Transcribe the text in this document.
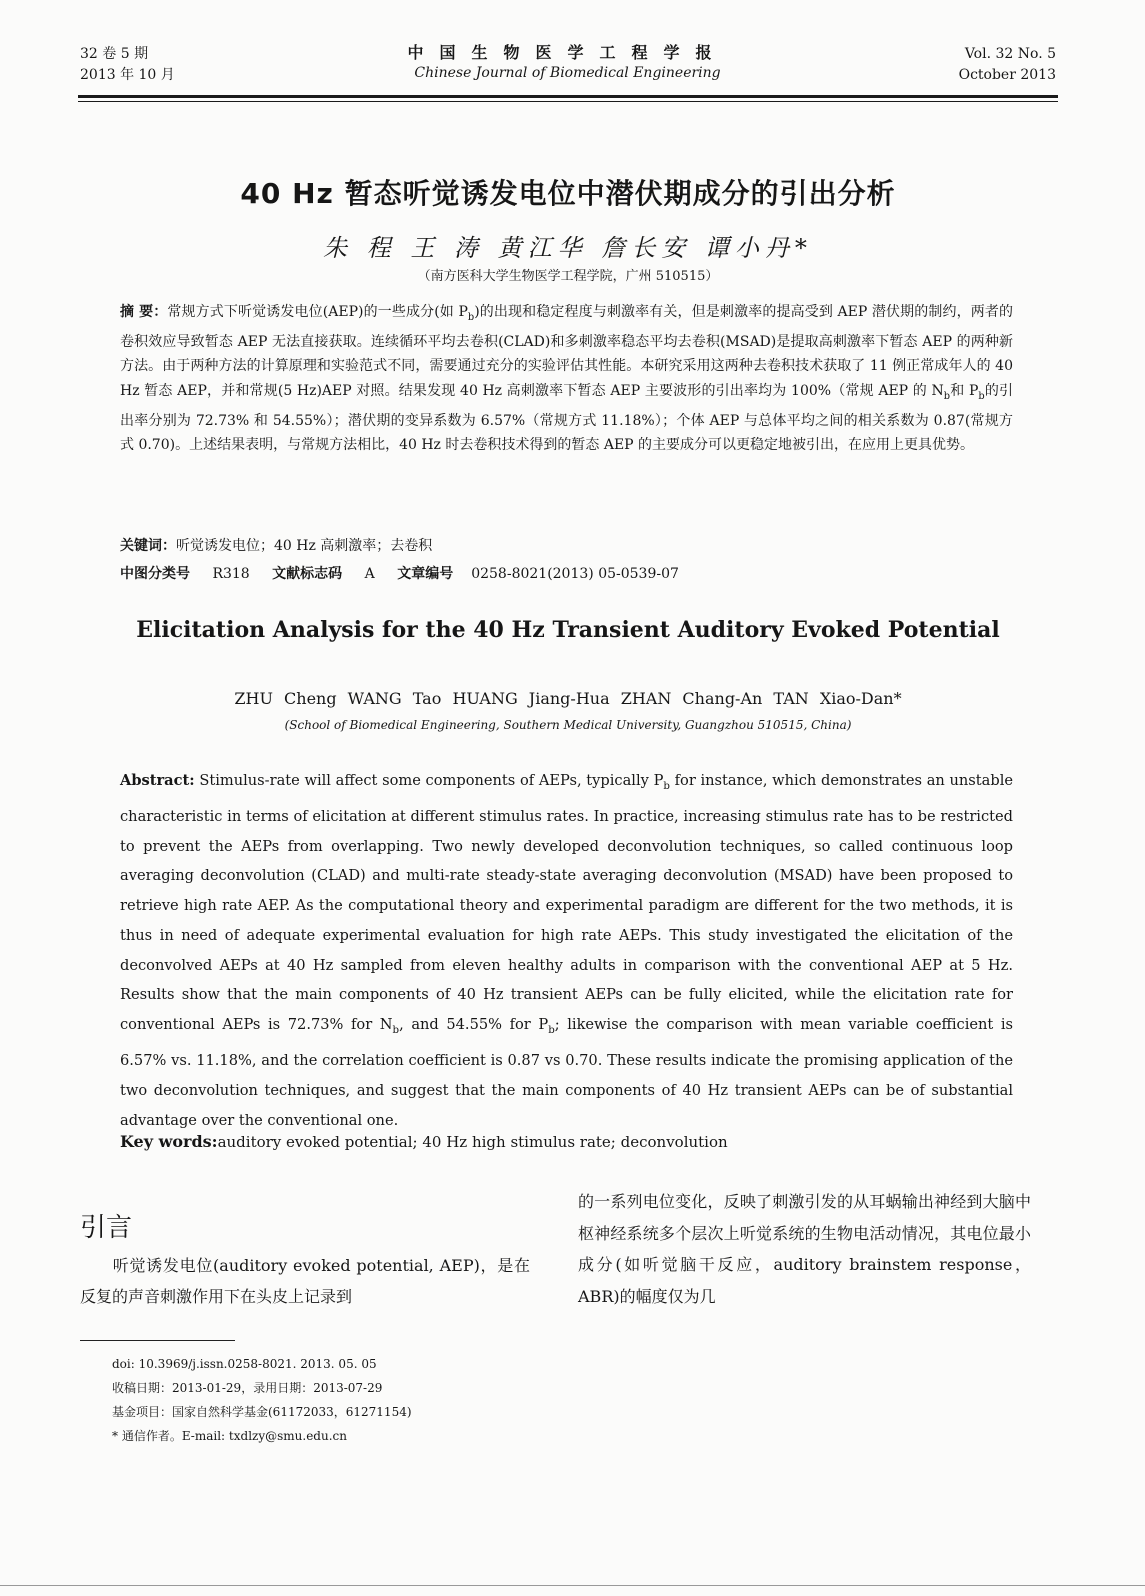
32 卷 5 期
2013 年 10 月
中国生物医学工程学报
Chinese Journal of Biomedical Engineering
Vol. 32 No. 5
October 2013
40 Hz 暂态听觉诱发电位中潜伏期成分的引出分析
朱 程 王 涛 黄江华 詹长安 谭小丹*
（南方医科大学生物医学工程学院，广州 510515）
摘 要：常规方式下听觉诱发电位(AEP)的一些成分(如 $P_b$)的出现和稳定程度与刺激率有关，但是刺激率的提高受到 AEP 潜伏期的制约，两者的卷积效应导致暂态 AEP 无法直接获取。连续循环平均去卷积(CLAD)和多刺激率稳态平均去卷积(MSAD)是提取高刺激率下暂态 AEP 的两种新方法。由于两种方法的计算原理和实验范式不同，需要通过充分的实验评估其性能。本研究采用这两种去卷积技术获取了 11 例正常成年人的 40 Hz 暂态 AEP，并和常规(5 Hz)AEP 对照。结果发现 40 Hz 高刺激率下暂态 AEP 主要波形的引出率均为 100%（常规 AEP 的 $N_b$和 $P_b$的引出率分别为 72.73% 和 54.55%）；潜伏期的变异系数为 6.57%（常规方式 11.18%）；个体 AEP 与总体平均之间的相关系数为 0.87(常规方式 0.70)。上述结果表明，与常规方法相比，40 Hz 时去卷积技术得到的暂态 AEP 的主要成分可以更稳定地被引出，在应用上更具优势。
关键词：听觉诱发电位；40 Hz 高刺激率；去卷积
中图分类号 R318 文献标志码 A 文章编号 0258-8021(2013) 05-0539-07
Elicitation Analysis for the 40 Hz Transient Auditory Evoked Potential
ZHU Cheng WANG Tao HUANG Jiang-Hua ZHAN Chang-An TAN Xiao-Dan*
(School of Biomedical Engineering, Southern Medical University, Guangzhou 510515, China)
Abstract: Stimulus-rate will affect some components of AEPs, typically $P_b$ for instance, which demonstrates an unstable characteristic in terms of elicitation at different stimulus rates. In practice, increasing stimulus rate has to be restricted to prevent the AEPs from overlapping. Two newly developed deconvolution techniques, so called continuous loop averaging deconvolution (CLAD) and multi-rate steady-state averaging deconvolution (MSAD) have been proposed to retrieve high rate AEP. As the computational theory and experimental paradigm are different for the two methods, it is thus in need of adequate experimental evaluation for high rate AEPs. This study investigated the elicitation of the deconvolved AEPs at 40 Hz sampled from eleven healthy adults in comparison with the conventional AEP at 5 Hz. Results show that the main components of 40 Hz transient AEPs can be fully elicited, while the elicitation rate for conventional AEPs is 72.73% for $N_b$, and 54.55% for $P_b$; likewise the comparison with mean variable coefficient is 6.57% vs. 11.18%, and the correlation coefficient is 0.87 vs 0.70. These results indicate the promising application of the two deconvolution techniques, and suggest that the main components of 40 Hz transient AEPs can be of substantial advantage over the conventional one.
Key words:auditory evoked potential; 40 Hz high stimulus rate; deconvolution
引言
  听觉诱发电位(auditory evoked potential, AEP)，是在反复的声音刺激作用下在头皮上记录到
的一系列电位变化，反映了刺激引发的从耳蜗输出神经到大脑中枢神经系统多个层次上听觉系统的生物电活动情况，其电位最小成分(如听觉脑干反应，auditory brainstem response，ABR)的幅度仅为几
doi: 10.3969/j.issn.0258-8021. 2013. 05. 05
收稿日期：2013-01-29，录用日期：2013-07-29
基金项目：国家自然科学基金(61172033，61271154)
* 通信作者。E-mail: txdlzy@smu.edu.cn
